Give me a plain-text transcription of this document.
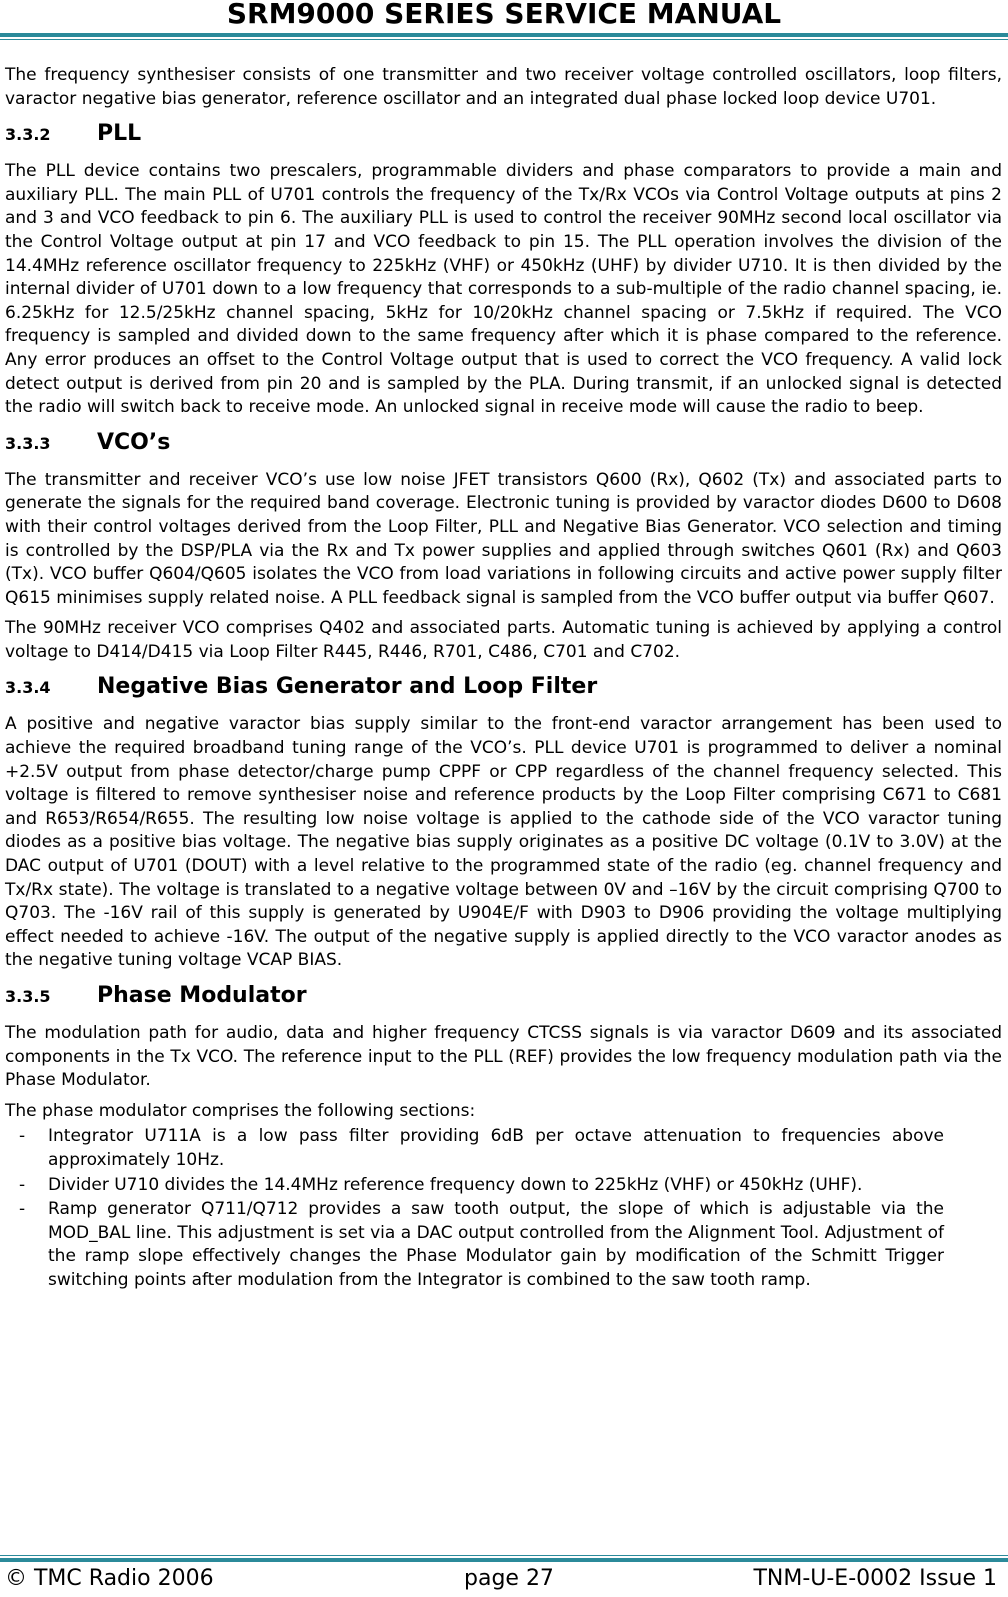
SRM9000 SERIES SERVICE MANUAL

The frequency synthesiser consists of one transmitter and two receiver voltage controlled oscillators, loop filters, varactor negative bias generator, reference oscillator and an integrated dual phase locked loop device U701.

3.3.2 PLL

The PLL device contains two prescalers, programmable dividers and phase comparators to provide a main and auxiliary PLL. The main PLL of U701 controls the frequency of the Tx/Rx VCOs via Control Voltage outputs at pins 2 and 3 and VCO feedback to pin 6. The auxiliary PLL is used to control the receiver 90MHz second local oscillator via the Control Voltage output at pin 17 and VCO feedback to pin 15. The PLL operation involves the division of the 14.4MHz reference oscillator frequency to 225kHz (VHF) or 450kHz (UHF) by divider U710. It is then divided by the internal divider of U701 down to a low frequency that corresponds to a sub-multiple of the radio channel spacing, ie. 6.25kHz for 12.5/25kHz channel spacing, 5kHz for 10/20kHz channel spacing or 7.5kHz if required. The VCO frequency is sampled and divided down to the same frequency after which it is phase compared to the reference. Any error produces an offset to the Control Voltage output that is used to correct the VCO frequency. A valid lock detect output is derived from pin 20 and is sampled by the PLA. During transmit, if an unlocked signal is detected the radio will switch back to receive mode. An unlocked signal in receive mode will cause the radio to beep.

3.3.3 VCO’s

The transmitter and receiver VCO’s use low noise JFET transistors Q600 (Rx), Q602 (Tx) and associated parts to generate the signals for the required band coverage. Electronic tuning is provided by varactor diodes D600 to D608 with their control voltages derived from the Loop Filter, PLL and Negative Bias Generator. VCO selection and timing is controlled by the DSP/PLA via the Rx and Tx power supplies and applied through switches Q601 (Rx) and Q603 (Tx). VCO buffer Q604/Q605 isolates the VCO from load variations in following circuits and active power supply filter Q615 minimises supply related noise. A PLL feedback signal is sampled from the VCO buffer output via buffer Q607.

The 90MHz receiver VCO comprises Q402 and associated parts. Automatic tuning is achieved by applying a control voltage to D414/D415 via Loop Filter R445, R446, R701, C486, C701 and C702.

3.3.4 Negative Bias Generator and Loop Filter

A positive and negative varactor bias supply similar to the front-end varactor arrangement has been used to achieve the required broadband tuning range of the VCO’s. PLL device U701 is programmed to deliver a nominal +2.5V output from phase detector/charge pump CPPF or CPP regardless of the channel frequency selected. This voltage is filtered to remove synthesiser noise and reference products by the Loop Filter comprising C671 to C681 and R653/R654/R655. The resulting low noise voltage is applied to the cathode side of the VCO varactor tuning diodes as a positive bias voltage. The negative bias supply originates as a positive DC voltage (0.1V to 3.0V) at the DAC output of U701 (DOUT) with a level relative to the programmed state of the radio (eg. channel frequency and Tx/Rx state). The voltage is translated to a negative voltage between 0V and –16V by the circuit comprising Q700 to Q703. The -16V rail of this supply is generated by U904E/F with D903 to D906 providing the voltage multiplying effect needed to achieve -16V. The output of the negative supply is applied directly to the VCO varactor anodes as the negative tuning voltage VCAP BIAS.

3.3.5 Phase Modulator

The modulation path for audio, data and higher frequency CTCSS signals is via varactor D609 and its associated components in the Tx VCO. The reference input to the PLL (REF) provides the low frequency modulation path via the Phase Modulator.

The phase modulator comprises the following sections:

- Integrator U711A is a low pass filter providing 6dB per octave attenuation to frequencies above approximately 10Hz.
- Divider U710 divides the 14.4MHz reference frequency down to 225kHz (VHF) or 450kHz (UHF).
- Ramp generator Q711/Q712 provides a saw tooth output, the slope of which is adjustable via the MOD_BAL line. This adjustment is set via a DAC output controlled from the Alignment Tool. Adjustment of the ramp slope effectively changes the Phase Modulator gain by modification of the Schmitt Trigger switching points after modulation from the Integrator is combined to the saw tooth ramp.
© TMC Radio 2006	page 27	TNM-U-E-0002 Issue 1
